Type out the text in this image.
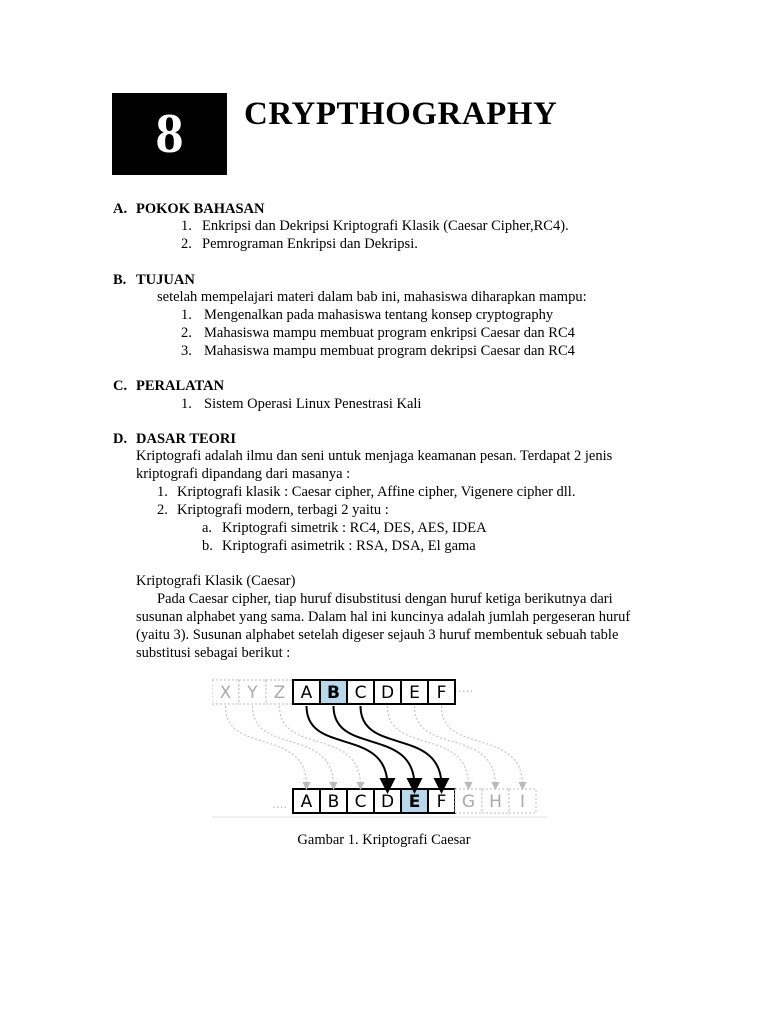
8 CRYPTHOGRAPHY
A. POKOK BAHASAN
1. Enkripsi dan Dekripsi Kriptografi Klasik (Caesar Cipher,RC4).
2. Pemrograman Enkripsi dan Dekripsi.
B. TUJUAN
setelah mempelajari materi dalam bab ini, mahasiswa diharapkan mampu:
1. Mengenalkan pada mahasiswa tentang konsep cryptography
2. Mahasiswa mampu membuat program enkripsi Caesar dan RC4
3. Mahasiswa mampu membuat program dekripsi Caesar dan RC4
C. PERALATAN
1. Sistem Operasi Linux Penestrasi Kali
D. DASAR TEORI
Kriptografi adalah ilmu dan seni untuk menjaga keamanan pesan. Terdapat 2 jenis
kriptografi dipandang dari masanya :
1. Kriptografi klasik : Caesar cipher, Affine cipher, Vigenere cipher dll.
2. Kriptografi modern, terbagi 2 yaitu :
a. Kriptografi simetrik : RC4, DES, AES, IDEA
b. Kriptografi asimetrik : RSA, DSA, El gama
Kriptografi Klasik (Caesar)
Pada Caesar cipher, tiap huruf disubstitusi dengan huruf ketiga berikutnya dari
susunan alphabet yang sama. Dalam hal ini kuncinya adalah jumlah pergeseran huruf
(yaitu 3). Susunan alphabet setelah digeser sejauh 3 huruf membentuk sebuah table
substitusi sebagai berikut :
X Y Z A B C D E F
A B C D E F G H I
....
....
Gambar 1. Kriptografi Caesar
